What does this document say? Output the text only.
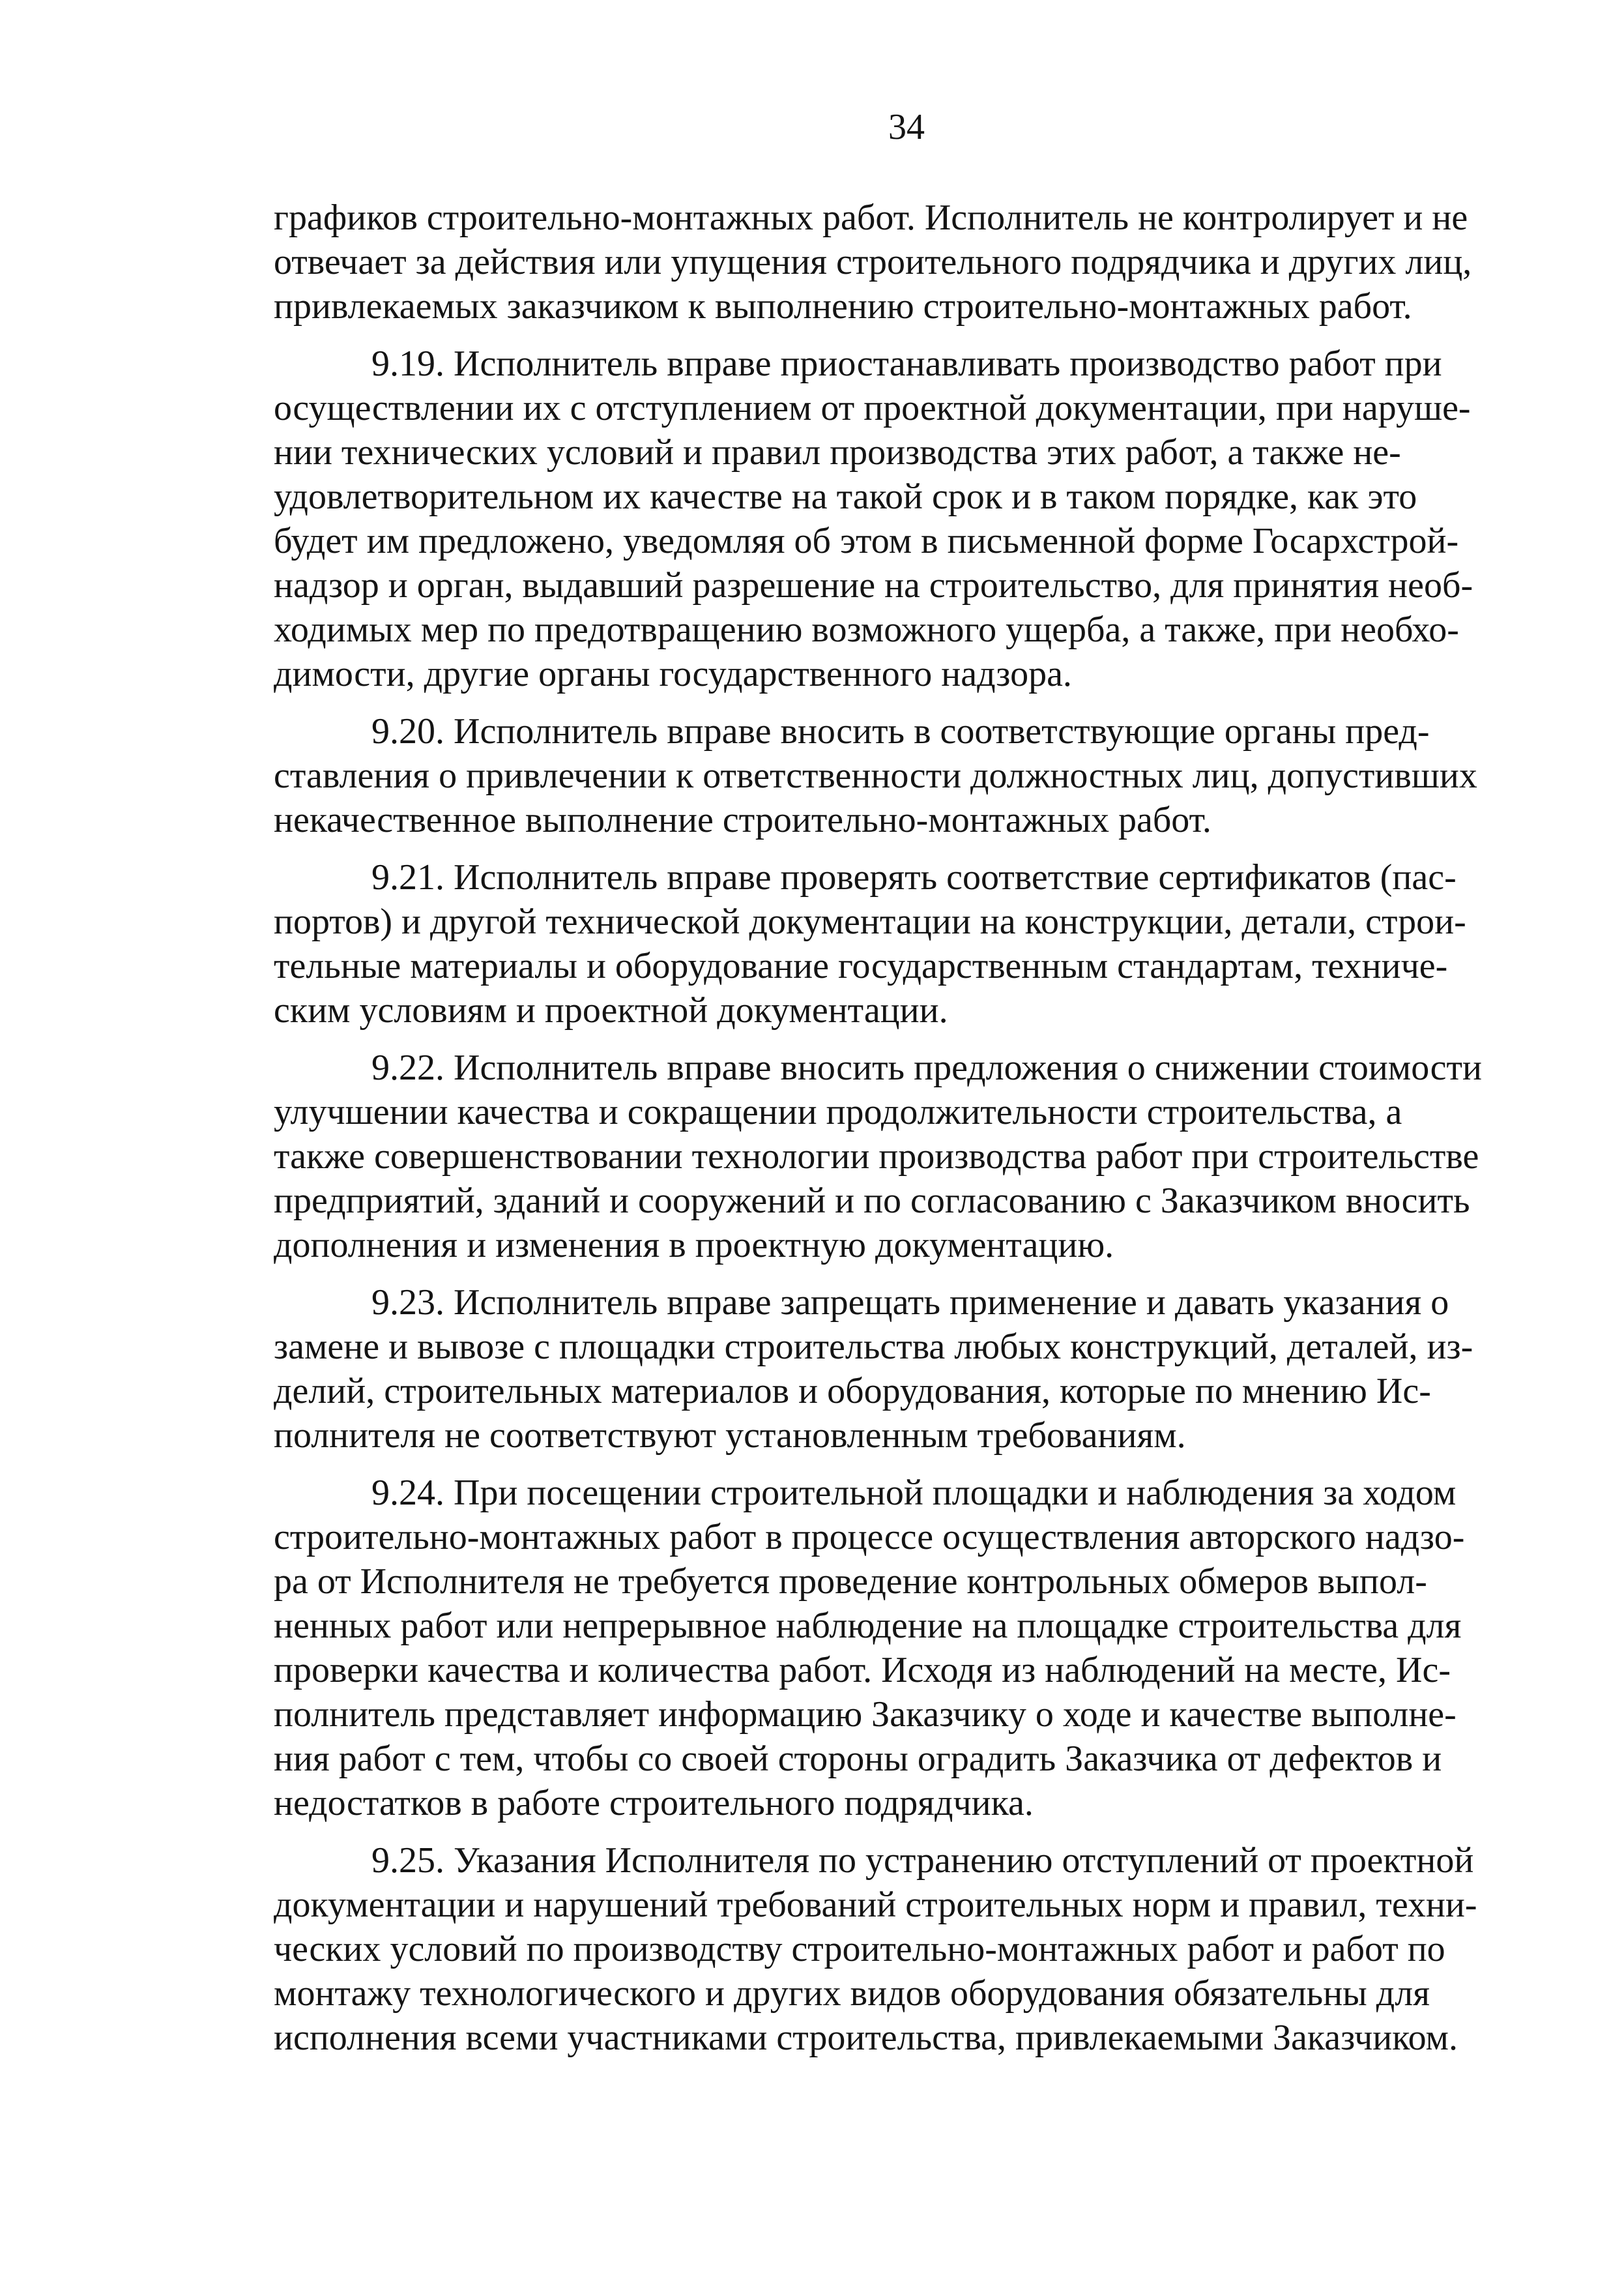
34
графиков строительно-монтажных работ. Исполнитель не контролирует и не
отвечает за действия или упущения строительного подрядчика и других лиц,
привлекаемых заказчиком к выполнению строительно-монтажных работ.
9.19. Исполнитель вправе приостанавливать производство работ при
осуществлении их с отступлением от проектной документации, при наруше-
нии технических условий и правил производства этих работ, а также не-
удовлетворительном их качестве на такой срок и в таком порядке, как это
будет им предложено, уведомляя об этом в письменной форме Госархстрой-
надзор и орган, выдавший разрешение на строительство, для принятия необ-
ходимых мер по предотвращению возможного ущерба, а также, при необхо-
димости, другие органы государственного надзора.
9.20. Исполнитель вправе вносить в соответствующие органы пред-
ставления о привлечении к ответственности должностных лиц, допустивших
некачественное выполнение строительно-монтажных работ.
9.21. Исполнитель вправе проверять соответствие сертификатов (пас-
портов) и другой технической документации на конструкции, детали, строи-
тельные материалы и оборудование государственным стандартам, техниче-
ским условиям и проектной документации.
9.22. Исполнитель вправе вносить предложения о снижении стоимости
улучшении качества и сокращении продолжительности строительства, а
также совершенствовании технологии производства работ при строительстве
предприятий, зданий и сооружений и по согласованию с Заказчиком вносить
дополнения и изменения в проектную документацию.
9.23. Исполнитель вправе запрещать применение и давать указания о
замене и вывозе с площадки строительства любых конструкций, деталей, из-
делий, строительных материалов и оборудования, которые по мнению Ис-
полнителя не соответствуют установленным требованиям.
9.24. При посещении строительной площадки и наблюдения за ходом
строительно-монтажных работ в процессе осуществления авторского надзо-
ра от Исполнителя не требуется проведение контрольных обмеров выпол-
ненных работ или непрерывное наблюдение на площадке строительства для
проверки качества и количества работ. Исходя из наблюдений на месте, Ис-
полнитель представляет информацию Заказчику о ходе и качестве выполне-
ния работ с тем, чтобы со своей стороны оградить Заказчика от дефектов и
недостатков в работе строительного подрядчика.
9.25. Указания Исполнителя по устранению отступлений от проектной
документации и нарушений требований строительных норм и правил, техни-
ческих условий по производству строительно-монтажных работ и работ по
монтажу технологического и других видов оборудования обязательны для
исполнения всеми участниками строительства, привлекаемыми Заказчиком.
